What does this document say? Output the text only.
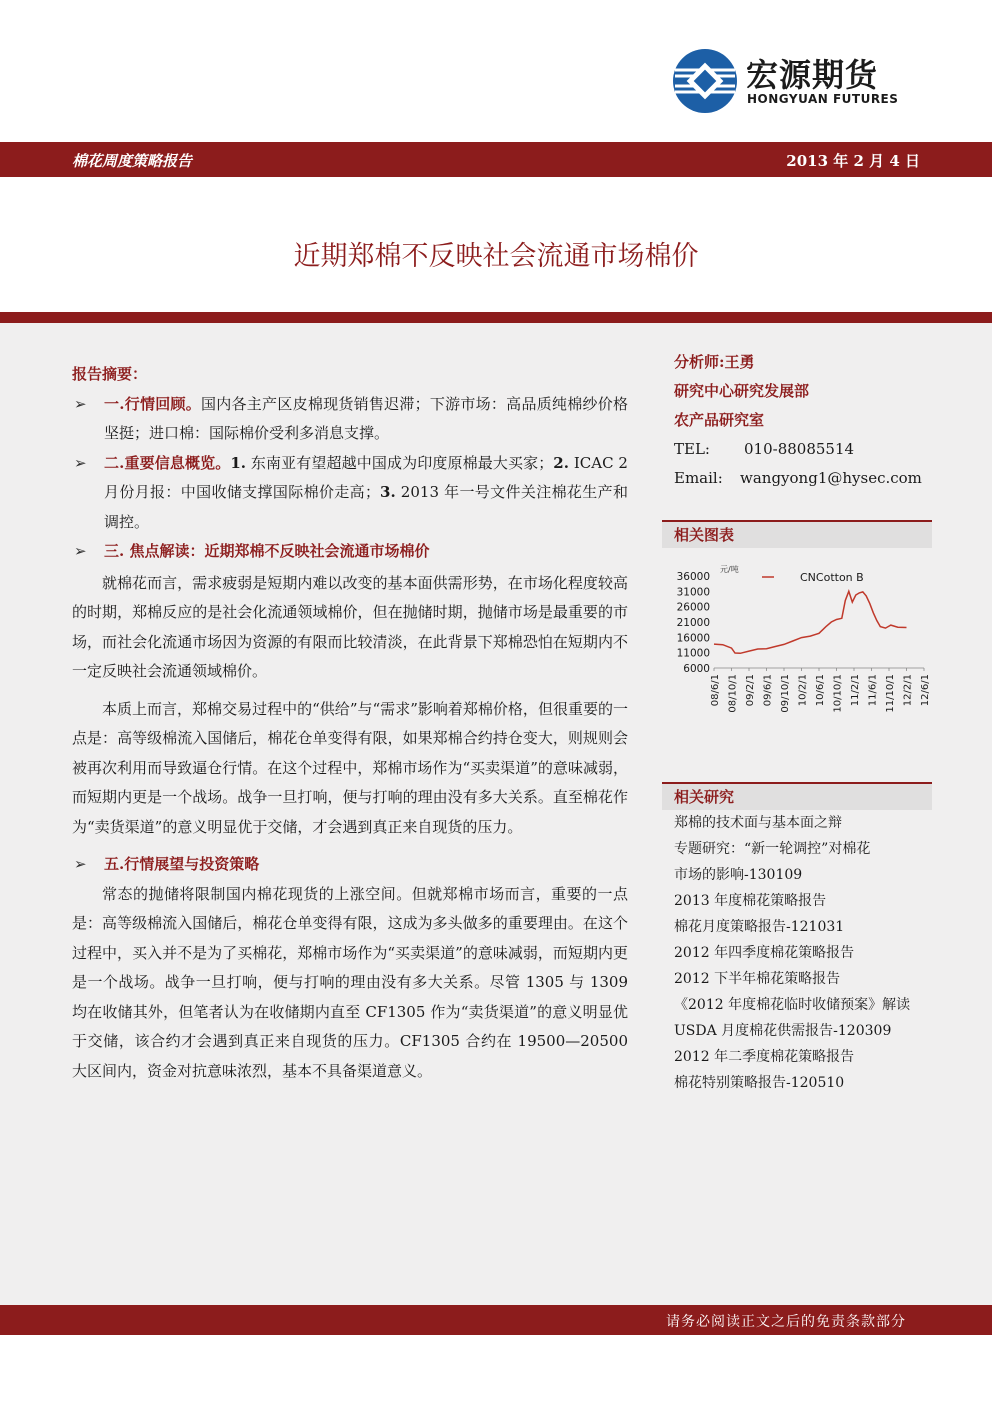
宏源期货
HONGYUAN FUTURES
棉花周度策略报告	2013 年 2 月 4 日
近期郑棉不反映社会流通市场棉价
报告摘要：
➢ 一.行情回顾。国内各主产区皮棉现货销售迟滞；下游市场：高品质纯棉纱价格坚挺；进口棉：国际棉价受利多消息支撑。
➢ 二.重要信息概览。1. 东南亚有望超越中国成为印度原棉最大买家；2. ICAC 2 月份月报：中国收储支撑国际棉价走高；3. 2013 年一号文件关注棉花生产和调控。
➢ 三. 焦点解读：近期郑棉不反映社会流通市场棉价
就棉花而言，需求疲弱是短期内难以改变的基本面供需形势，在市场化程度较高的时期，郑棉反应的是社会化流通领域棉价，但在抛储时期，抛储市场是最重要的市场，而社会化流通市场因为资源的有限而比较清淡，在此背景下郑棉恐怕在短期内不一定反映社会流通领域棉价。
本质上而言，郑棉交易过程中的“供给”与“需求”影响着郑棉价格，但很重要的一点是：高等级棉流入国储后，棉花仓单变得有限，如果郑棉合约持仓变大，则规则会被再次利用而导致逼仓行情。在这个过程中，郑棉市场作为“买卖渠道”的意味减弱，而短期内更是一个战场。战争一旦打响，便与打响的理由没有多大关系。直至棉花作为“卖货渠道”的意义明显优于交储，才会遇到真正来自现货的压力。
➢ 五.行情展望与投资策略
常态的抛储将限制国内棉花现货的上涨空间。但就郑棉市场而言，重要的一点是：高等级棉流入国储后，棉花仓单变得有限，这成为多头做多的重要理由。在这个过程中，买入并不是为了买棉花，郑棉市场作为“买卖渠道”的意味减弱，而短期内更是一个战场。战争一旦打响，便与打响的理由没有多大关系。尽管 1305 与 1309 均在收储其外，但笔者认为在收储期内直至 CF1305 作为“卖货渠道”的意义明显优于交储，该合约才会遇到真正来自现货的压力。CF1305 合约在 19500—20500 大区间内，资金对抗意味浓烈，基本不具备渠道意义。
分析师:王勇
研究中心研究发展部
农产品研究室
TEL: 010-88085514
Email: wangyong1@hysec.com
相关图表
元/吨
CNCotton B
36000
31000
26000
21000
16000
11000
6000
08/6/1 08/10/1 09/2/1 09/6/1 09/10/1 10/2/1 10/6/1 10/10/1 11/2/1 11/6/1 11/10/1 12/2/1 12/6/1
相关研究
郑棉的技术面与基本面之辩
专题研究：“新一轮调控”对棉花
市场的影响-130109
2013 年度棉花策略报告
棉花月度策略报告-121031
2012 年四季度棉花策略报告
2012 下半年棉花策略报告
《2012 年度棉花临时收储预案》解读
USDA 月度棉花供需报告-120309
2012 年二季度棉花策略报告
棉花特别策略报告-120510
请务必阅读正文之后的免责条款部分
